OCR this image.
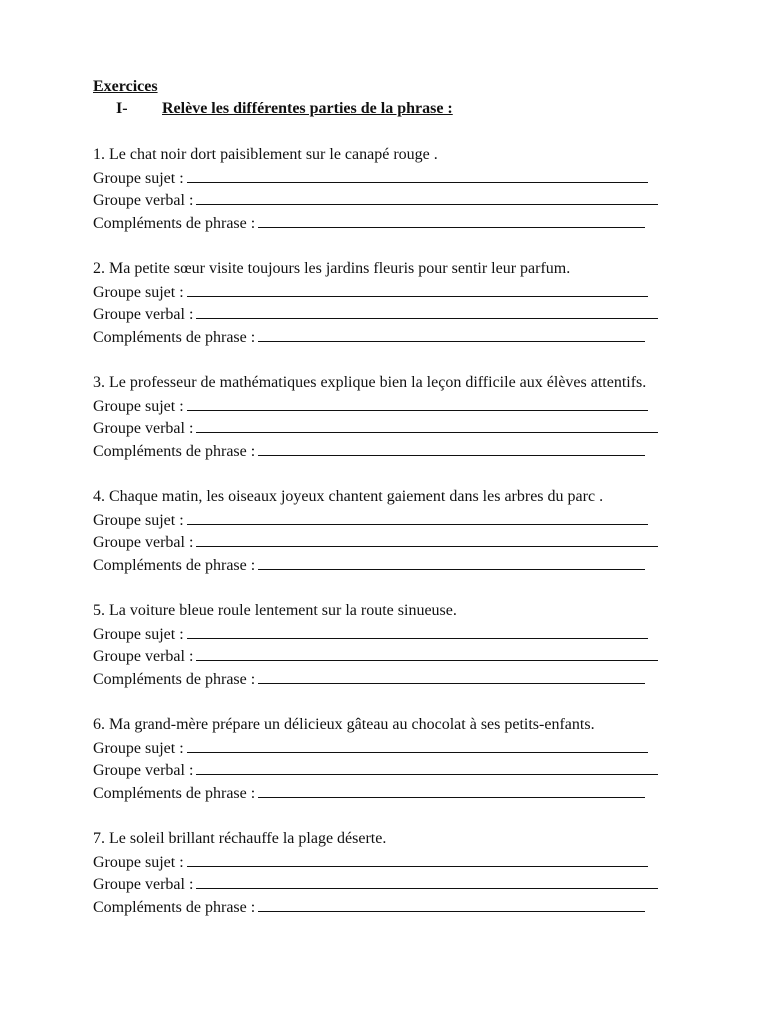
Exercices
I- Relève les différentes parties de la phrase :

1. Le chat noir dort paisiblement sur le canapé rouge .

Groupe sujet :
Groupe verbal :
Compléments de phrase :

2. Ma petite sœur visite toujours les jardins fleuris pour sentir leur parfum.

Groupe sujet :
Groupe verbal :
Compléments de phrase :

3. Le professeur de mathématiques explique bien la leçon difficile aux élèves attentifs.

Groupe sujet :
Groupe verbal :
Compléments de phrase :

4. Chaque matin, les oiseaux joyeux chantent gaiement dans les arbres du parc .

Groupe sujet :
Groupe verbal :
Compléments de phrase :

5. La voiture bleue roule lentement sur la route sinueuse.

Groupe sujet :
Groupe verbal :
Compléments de phrase :

6. Ma grand-mère prépare un délicieux gâteau au chocolat à ses petits-enfants.

Groupe sujet :
Groupe verbal :
Compléments de phrase :

7. Le soleil brillant réchauffe la plage déserte.

Groupe sujet :
Groupe verbal :
Compléments de phrase :
